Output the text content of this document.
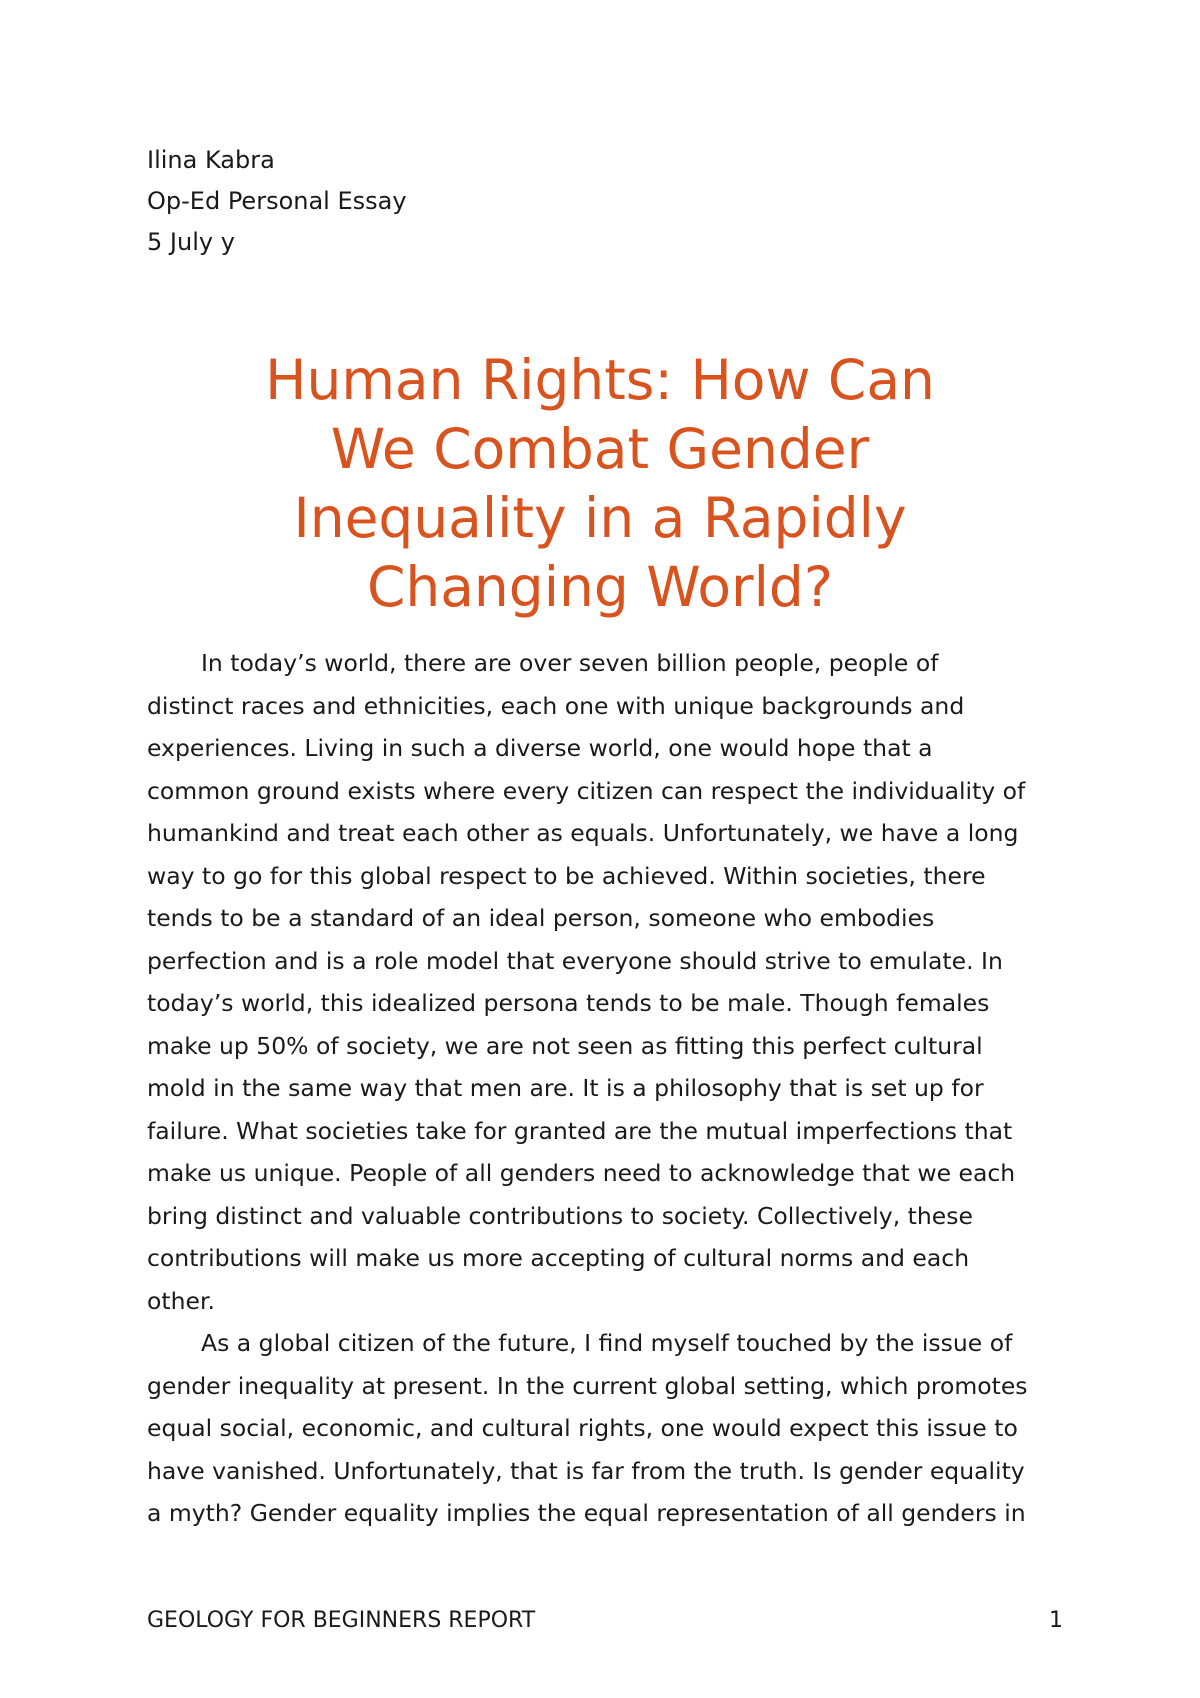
Ilina Kabra
Op-Ed Personal Essay
5 July y
Human Rights: How Can
We Combat Gender
Inequality in a Rapidly
Changing World?
In today’s world, there are over seven billion people, people of
distinct races and ethnicities, each one with unique backgrounds and
experiences. Living in such a diverse world, one would hope that a
common ground exists where every citizen can respect the individuality of
humankind and treat each other as equals. Unfortunately, we have a long
way to go for this global respect to be achieved. Within societies, there
tends to be a standard of an ideal person, someone who embodies
perfection and is a role model that everyone should strive to emulate. In
today’s world, this idealized persona tends to be male. Though females
make up 50% of society, we are not seen as fitting this perfect cultural
mold in the same way that men are. It is a philosophy that is set up for
failure. What societies take for granted are the mutual imperfections that
make us unique. People of all genders need to acknowledge that we each
bring distinct and valuable contributions to society. Collectively, these
contributions will make us more accepting of cultural norms and each
other.
As a global citizen of the future, I find myself touched by the issue of
gender inequality at present. In the current global setting, which promotes
equal social, economic, and cultural rights, one would expect this issue to
have vanished. Unfortunately, that is far from the truth. Is gender equality
a myth? Gender equality implies the equal representation of all genders in
GEOLOGY FOR BEGINNERS REPORT	1
